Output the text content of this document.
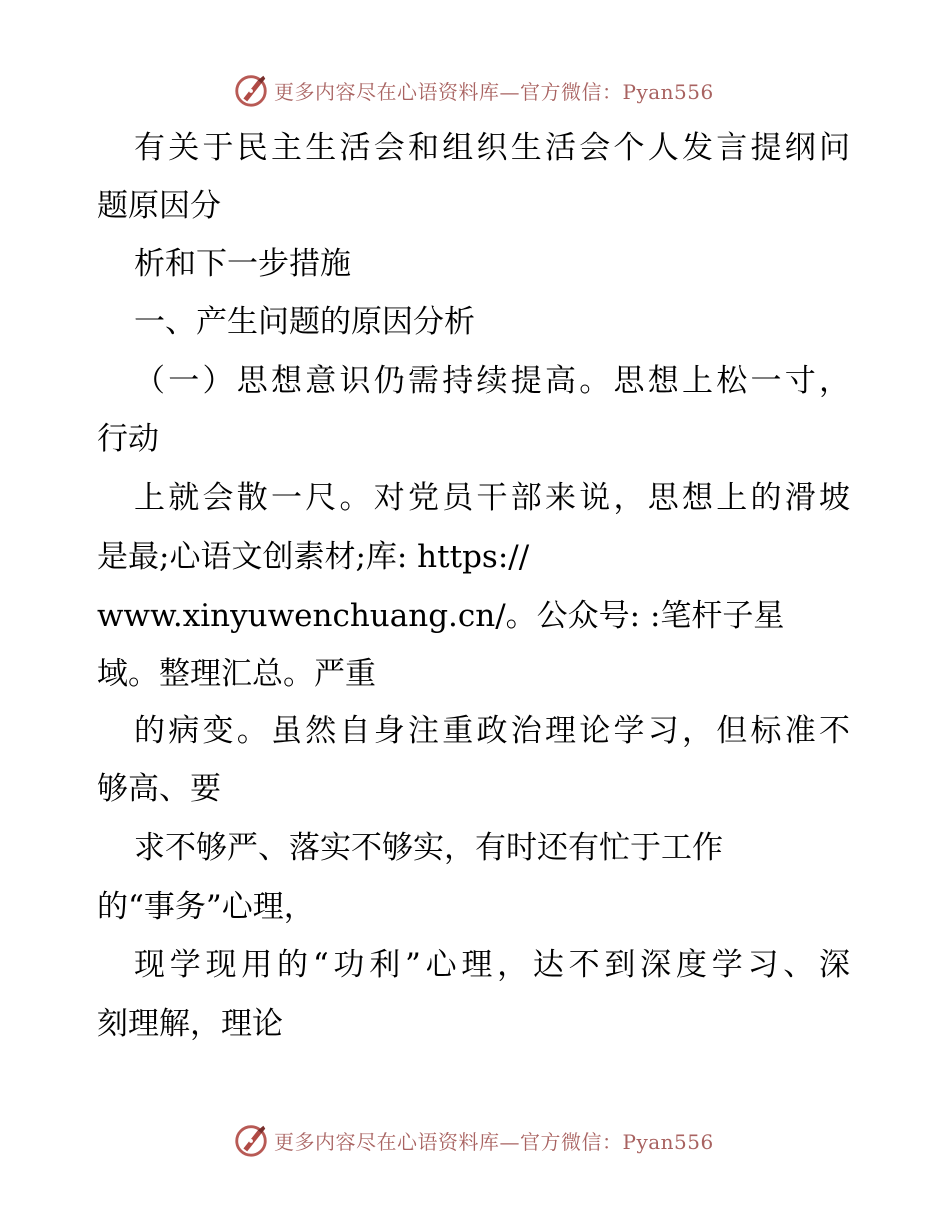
更多内容尽在心语资料库—官方微信：Pyan556
有关于民主生活会和组织生活会个人发言提纲问
题原因分
析和下一步措施
一、产生问题的原因分析
（一）思想意识仍需持续提高。思想上松一寸，
行动
上就会散一尺。对党员干部来说，思想上的滑坡
是最;心语文创素材;库: https://
www.xinyuwenchuang.cn/。公众号: :笔杆子星
域。整理汇总。严重
的病变。虽然自身注重政治理论学习，但标准不
够高、要
求不够严、落实不够实，有时还有忙于工作
的“事务”心理，
现学现用的“功利”心理，达不到深度学习、深
刻理解，理论
更多内容尽在心语资料库—官方微信：Pyan556
